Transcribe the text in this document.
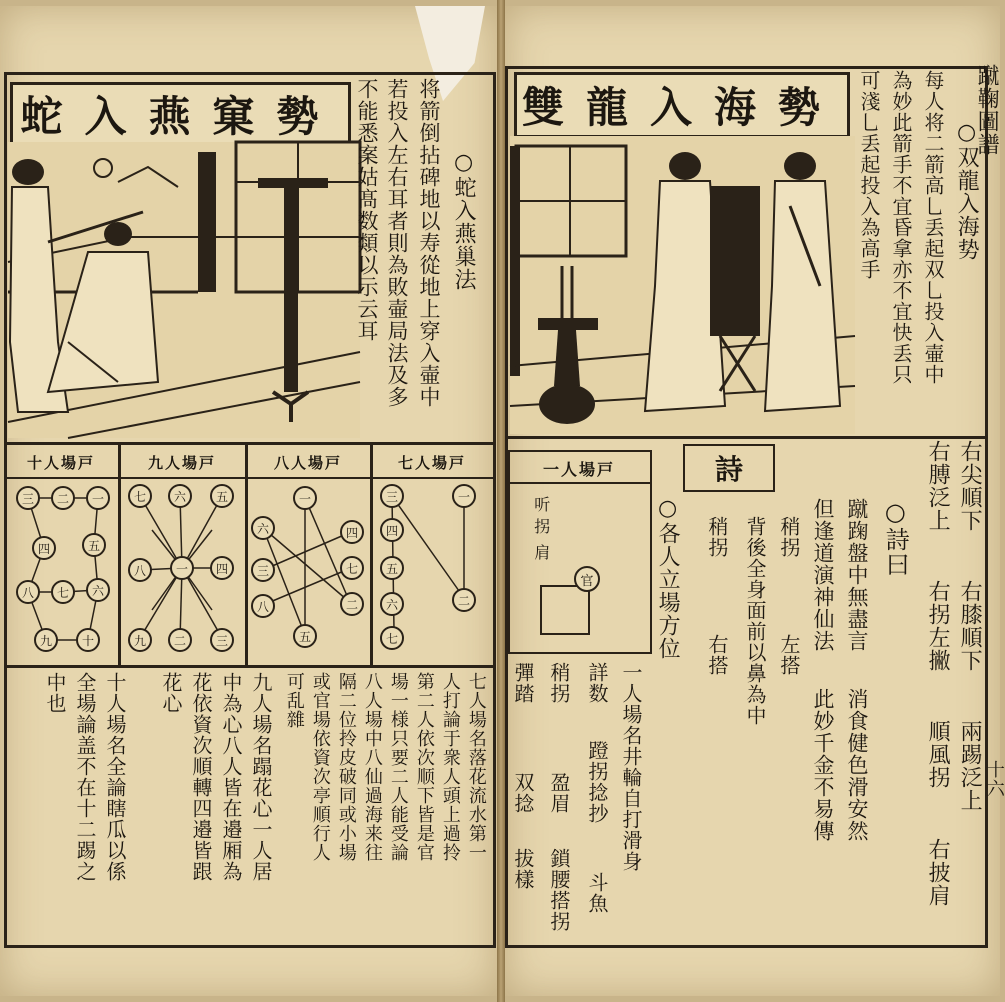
蛇入燕窠勢
○蛇入燕巢法
将箭倒拈碑地以寿從地上穿入壷中
若投入左右耳者則為敗壷局法及多
不能悉案姑髙数類以示云耳
十人場戸	九人場戸	八人場戸	七人場戸
三	二	一
四	五
八	七	六
九	十
七	六	五
八	一	四
九	二	三
一
六	四
三	七
八	二
五
三	一
四
五
六	二
七
七人場名落花流水第一
人打論于衆人頭上過拎
第二人依次顺下皆是官
場一様只要二人能受論
八人場中八仙過海来往
隔二位拎皮破同或小場
或官場依資次亭順行人
可乱雜
九人場名蹋花心一人居
中為心八人皆在邉厢為
花依資次順轉四邉皆跟
花心
十人場名全論瞎瓜以係
全場論盖不在十二踢之
中也
蹴鞠圖譜
雙龍入海勢
○双龍入海势
每人将二箭高乚丢起双乚投入壷中
為妙此箭手不宜昏拿亦不宜快丢只
可淺乚丢起投入為高手
一人場戸
听
拐
肩
官
詩	右尖順下
右膝順下
兩踢泛上
右膊泛上
右拐左撇
順風拐
右披肩
○詩曰
蹴踘盤中無盡言
消食健色滑安然
但逢道演神仙法
此妙千金不易傳
稍拐
左搭
背後全身面前以鼻為中
稍拐
右搭
○各人立場方位
一人場名井輪自打滑身
詳数
蹬拐捻抄
斗魚
稍拐
盈眉
鎖腰搭拐
彈踏
双捻
拔樣
十六
